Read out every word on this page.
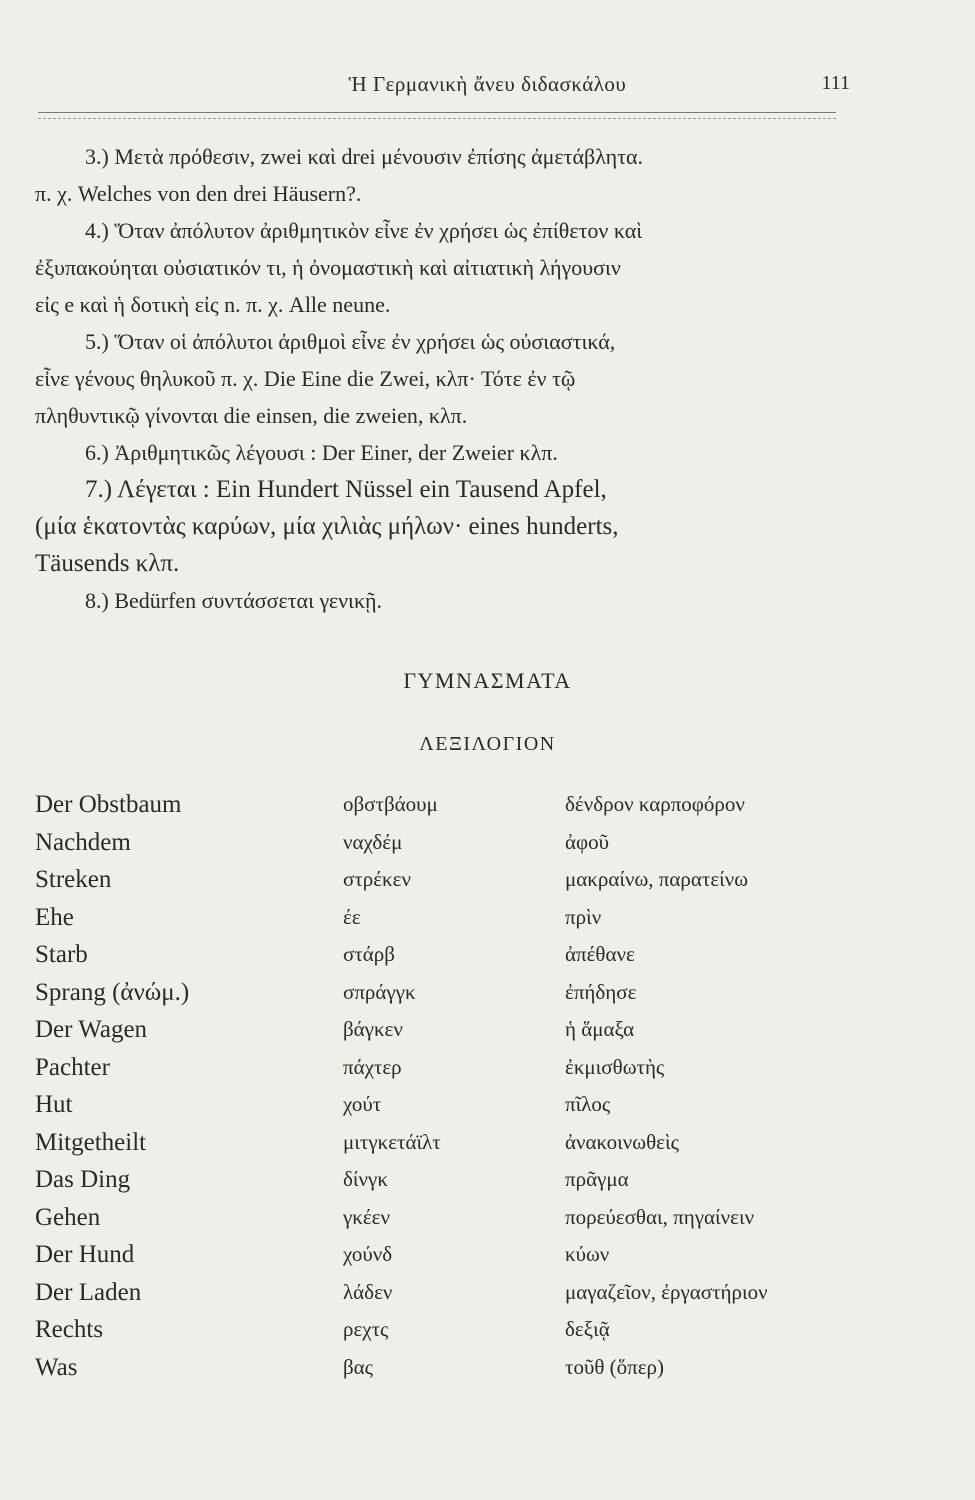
Ἡ Γερμανικὴ ἄνευ διδασκάλου	111

3.) Μετὰ πρόθεσιν, zwei καὶ drei μένουσιν ἐπίσης ἀμετάβλητα.

π. χ. Welches von den drei Häusern?.

4.) Ὅταν ἀπόλυτον ἀριθμητικὸν εἶνε ἐν χρήσει ὡς ἐπίθετον καὶ

ἐξυπακούηται οὐσιατικόν τι, ἡ ὀνομαστικὴ καὶ αἰτιατικὴ λήγουσιν

εἰς e καὶ ἡ δοτικὴ εἰς n. π. χ. Alle neune.

5.) Ὅταν οἱ ἀπόλυτοι ἀριθμοὶ εἶνε ἐν χρήσει ὡς οὐσιαστικά,

εἶνε γένους θηλυκοῦ π. χ. Die Eine die Zwei, κλπ· Τότε ἐν τῷ

πληθυντικῷ γίνονται die einsen, die zweien, κλπ.

6.) Ἀριθμητικῶς λέγουσι : Der Einer, der Zweier κλπ.

7.) Λέγεται : Ein Hundert Nüssel ein Tausend Apfel,

(μία ἑκατοντὰς καρύων, μία χιλιὰς μήλων· eines hunderts,

Täusends κλπ.

8.) Bedürfen συντάσσεται γενικῇ.

ΓΥΜΝΑΣΜΑΤΑ
ΛΕΞΙΛΟΓΙΟΝ
Der Obstbaum	οβστβάουμ	δένδρον καρποφόρον
Nachdem	ναχδέμ	ἀφοῦ
Streken	στρέκεν	μακραίνω, παρατείνω
Ehe	έε	πρὶν
Starb	στάρβ	ἀπέθανε
Sprang (ἀνώμ.)	σπράγγκ	ἐπήδησε
Der Wagen	βάγκεν	ἡ ἅμαξα
Pachter	πάχτερ	ἐκμισθωτὴς
Hut	χούτ	πῖλος
Mitgetheilt	μιτγκετάϊλτ	ἀνακοινωθεὶς
Das Ding	δίνγκ	πρᾶγμα
Gehen	γκέεν	πορεύεσθαι, πηγαίνειν
Der Hund	χούνδ	κύων
Der Laden	λάδεν	μαγαζεῖον, ἐργαστήριον
Rechts	ρεχτς	δεξιᾷ
Was	βας	τοῦθ (ὅπερ)
